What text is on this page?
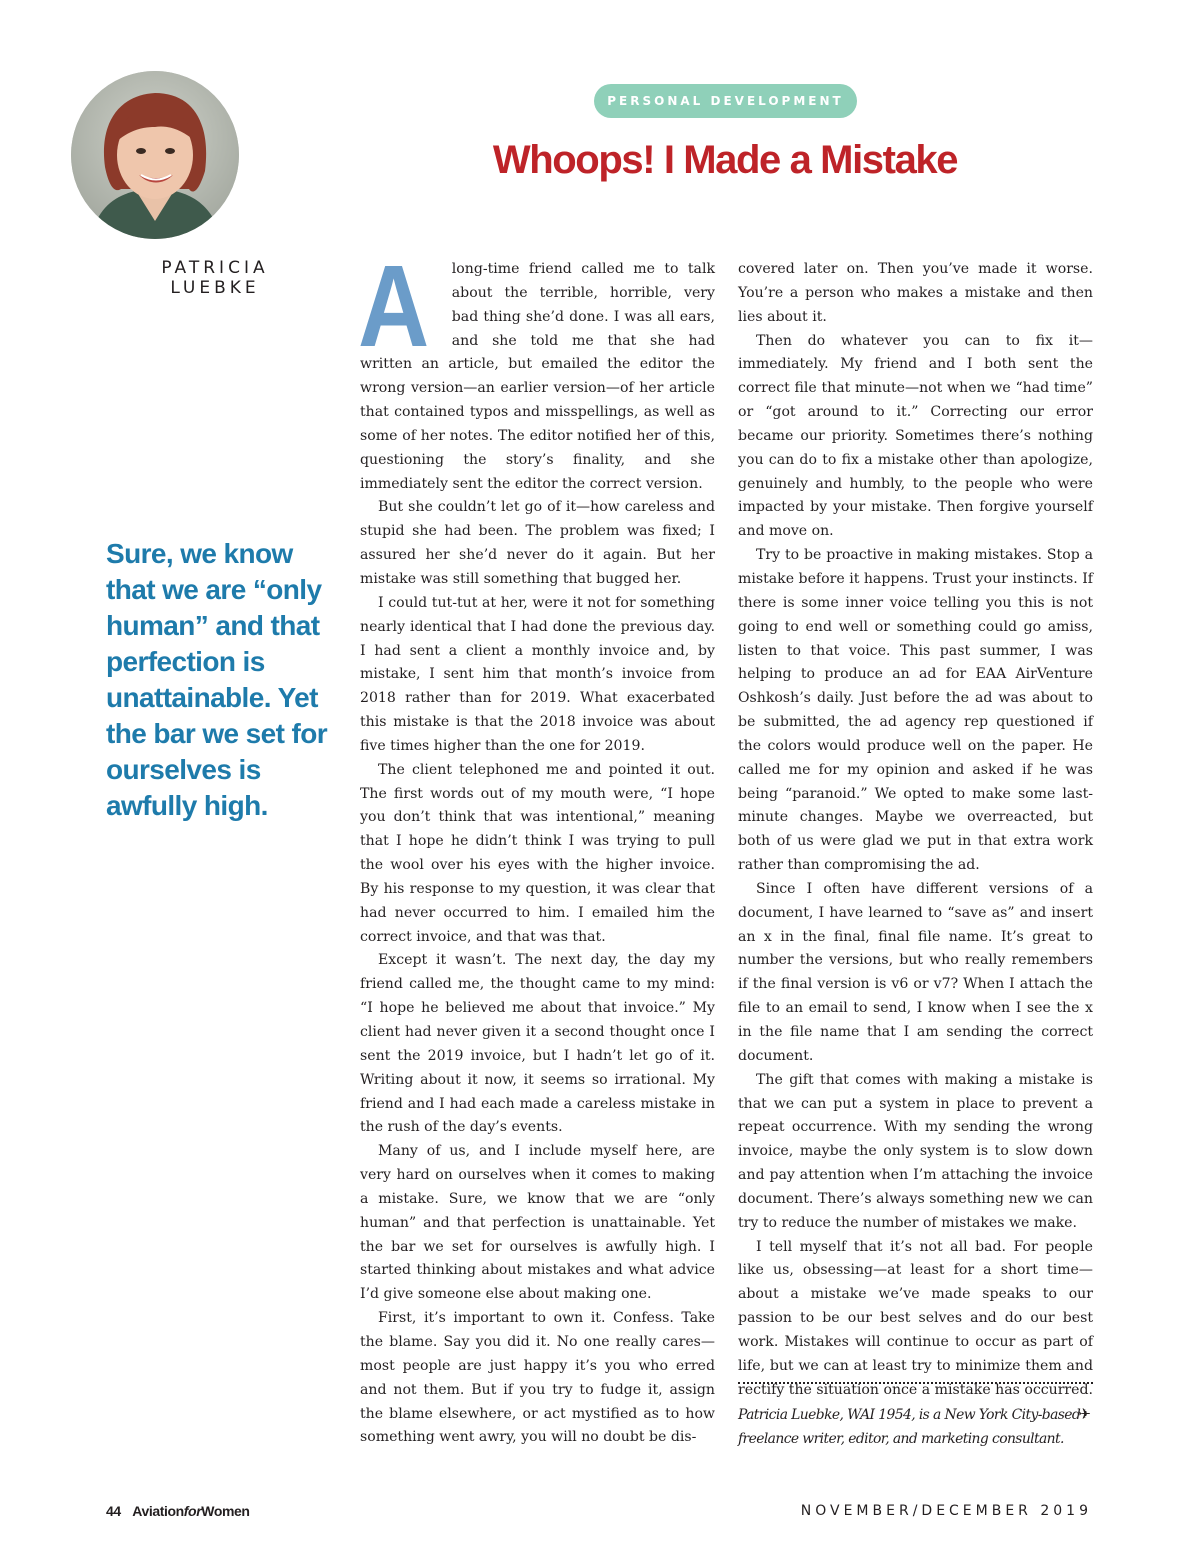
PATRICIA
LUEBKE
PERSONAL DEVELOPMENT
Whoops! I Made a Mistake

Sure, we know that we are “only human” and that perfection is unattainable. Yet the bar we set for ourselves is awfully high.

A long-time friend called me to talk about the terrible, horrible, very bad thing she’d done. I was all ears, and she told me that she had written an article, but emailed the editor the wrong version—an earlier version—of her article that contained typos and misspellings, as well as some of her notes. The editor notified her of this, questioning the story’s finality, and she immediately sent the editor the correct version.

But she couldn’t let go of it—how careless and stupid she had been. The problem was fixed; I assured her she’d never do it again. But her mistake was still something that bugged her.

I could tut-tut at her, were it not for something nearly identical that I had done the previous day. I had sent a client a monthly invoice and, by mistake, I sent him that month’s invoice from 2018 rather than for 2019. What exacerbated this mistake is that the 2018 invoice was about five times higher than the one for 2019.

The client telephoned me and pointed it out. The first words out of my mouth were, “I hope you don’t think that was intentional,” meaning that I hope he didn’t think I was trying to pull the wool over his eyes with the higher invoice. By his response to my question, it was clear that had never occurred to him. I emailed him the correct invoice, and that was that.

Except it wasn’t. The next day, the day my friend called me, the thought came to my mind: “I hope he believed me about that invoice.” My client had never given it a second thought once I sent the 2019 invoice, but I hadn’t let go of it. Writing about it now, it seems so irrational. My friend and I had each made a careless mistake in the rush of the day’s events.

Many of us, and I include myself here, are very hard on ourselves when it comes to making a mistake. Sure, we know that we are “only human” and that perfection is unattainable. Yet the bar we set for ourselves is awfully high. I started thinking about mistakes and what advice I’d give someone else about making one.

First, it’s important to own it. Confess. Take the blame. Say you did it. No one really cares—most people are just happy it’s you who erred and not them. But if you try to fudge it, assign the blame elsewhere, or act mystified as to how something went awry, you will no doubt be dis-

covered later on. Then you’ve made it worse. You’re a person who makes a mistake and then lies about it.

Then do whatever you can to fix it—immediately. My friend and I both sent the correct file that minute—not when we “had time” or “got around to it.” Correcting our error became our priority. Sometimes there’s nothing you can do to fix a mistake other than apologize, genuinely and humbly, to the people who were impacted by your mistake. Then forgive yourself and move on.

Try to be proactive in making mistakes. Stop a mistake before it happens. Trust your instincts. If there is some inner voice telling you this is not going to end well or something could go amiss, listen to that voice. This past summer, I was helping to produce an ad for EAA AirVenture Oshkosh’s daily. Just before the ad was about to be submitted, the ad agency rep questioned if the colors would produce well on the paper. He called me for my opinion and asked if he was being “paranoid.” We opted to make some last-minute changes. Maybe we overreacted, but both of us were glad we put in that extra work rather than compromising the ad.

Since I often have different versions of a document, I have learned to “save as” and insert an x in the final, final file name. It’s great to number the versions, but who really remembers if the final version is v6 or v7? When I attach the file to an email to send, I know when I see the x in the file name that I am sending the correct document.

The gift that comes with making a mistake is that we can put a system in place to prevent a repeat occurrence. With my sending the wrong invoice, maybe the only system is to slow down and pay attention when I’m attaching the invoice document. There’s always something new we can try to reduce the number of mistakes we make.

I tell myself that it’s not all bad. For people like us, obsessing—at least for a short time—about a mistake we’ve made speaks to our passion to be our best selves and do our best work. Mistakes will continue to occur as part of life, but we can at least try to minimize them and rectify the situation once a mistake has occurred.
✈

Patricia Luebke, WAI 1954, is a New York City-based freelance writer, editor, and marketing consultant.

44 AviationforWomen	NOVEMBER/DECEMBER 2019
